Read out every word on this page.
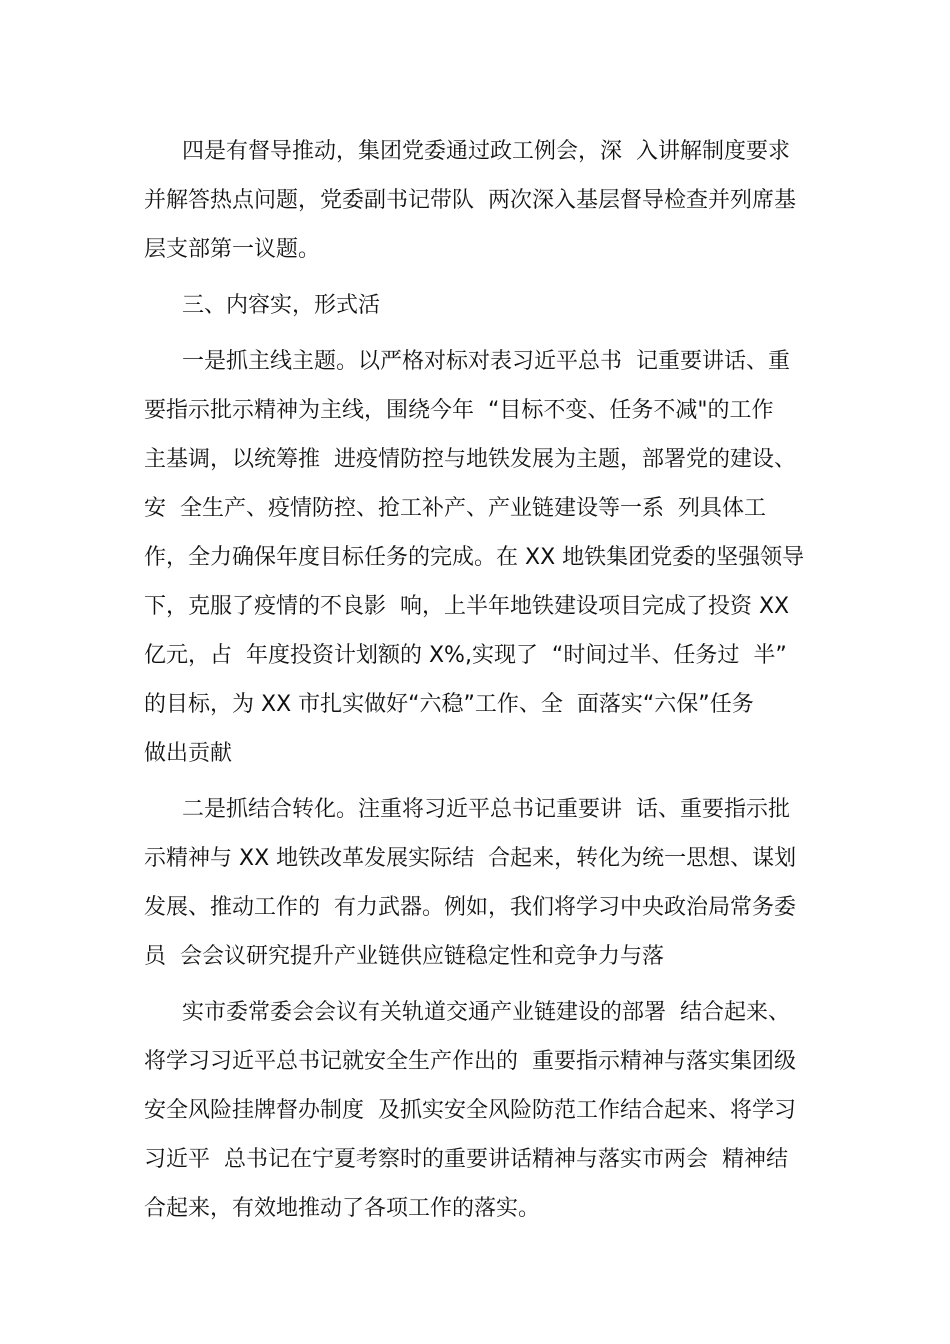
四是有督导推动，集团党委通过政工例会，深  入讲解制度要求
并解答热点问题，党委副书记带队  两次深入基层督导检查并列席基
层支部第一议题。
三、内容实，形式活
一是抓主线主题。以严格对标对表习近平总书  记重要讲话、重
要指示批示精神为主线，围绕今年  “目标不变、任务不减"的工作
主基调，以统筹推  进疫情防控与地铁发展为主题，部署党的建设、
安  全生产、疫情防控、抢工补产、产业链建设等一系  列具体工
作，全力确保年度目标任务的完成。在 XX 地铁集团党委的坚强领导
下，克服了疫情的不良影  响，上半年地铁建设项目完成了投资 XX
亿元，占  年度投资计划额的 X%,实现了  “时间过半、任务过  半”
的目标，为 XX 市扎实做好“六稳”工作、全  面落实“六保”任务
做出贡献
二是抓结合转化。注重将习近平总书记重要讲  话、重要指示批
示精神与 XX 地铁改革发展实际结  合起来，转化为统一思想、谋划
发展、推动工作的  有力武器。例如，我们将学习中央政治局常务委
员  会会议研究提升产业链供应链稳定性和竞争力与落
实市委常委会会议有关轨道交通产业链建设的部署  结合起来、
将学习习近平总书记就安全生产作出的  重要指示精神与落实集团级
安全风险挂牌督办制度  及抓实安全风险防范工作结合起来、将学习
习近平  总书记在宁夏考察时的重要讲话精神与落实市两会  精神结
合起来，有效地推动了各项工作的落实。
